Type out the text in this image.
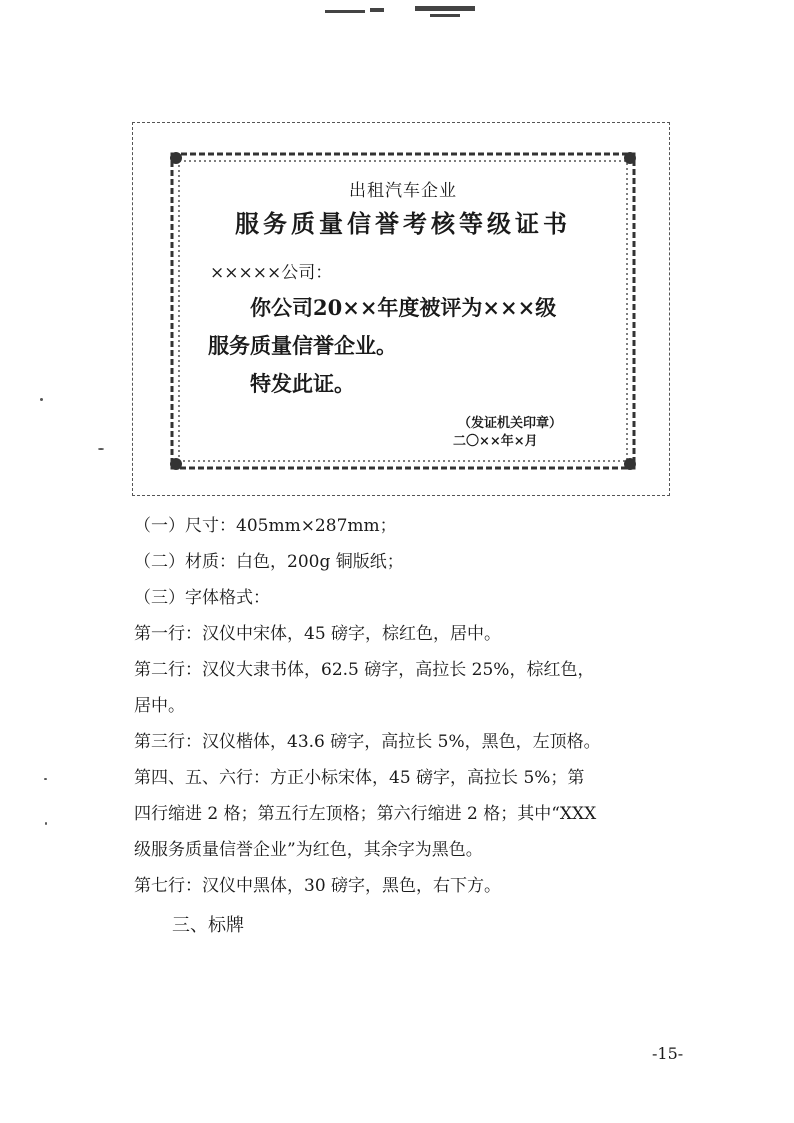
出租汽车企业
服务质量信誉考核等级证书
×××××公司：
你公司20××年度被评为×××级
服务质量信誉企业。
特发此证。
（发证机关印章）
二〇××年×月

（一）尺寸：405mm×287mm；

（二）材质：白色，200g 铜版纸；

（三）字体格式：

第一行：汉仪中宋体，45 磅字，棕红色，居中。

第二行：汉仪大隶书体，62.5 磅字，高拉长 25%，棕红色，

居中。

第三行：汉仪楷体，43.6 磅字，高拉长 5%，黑色，左顶格。

第四、五、六行：方正小标宋体，45 磅字，高拉长 5%；第

四行缩进 2 格；第五行左顶格；第六行缩进 2 格；其中“XXX

级服务质量信誉企业”为红色，其余字为黑色。

第七行：汉仪中黑体，30 磅字，黑色，右下方。

三、标牌

-15-
